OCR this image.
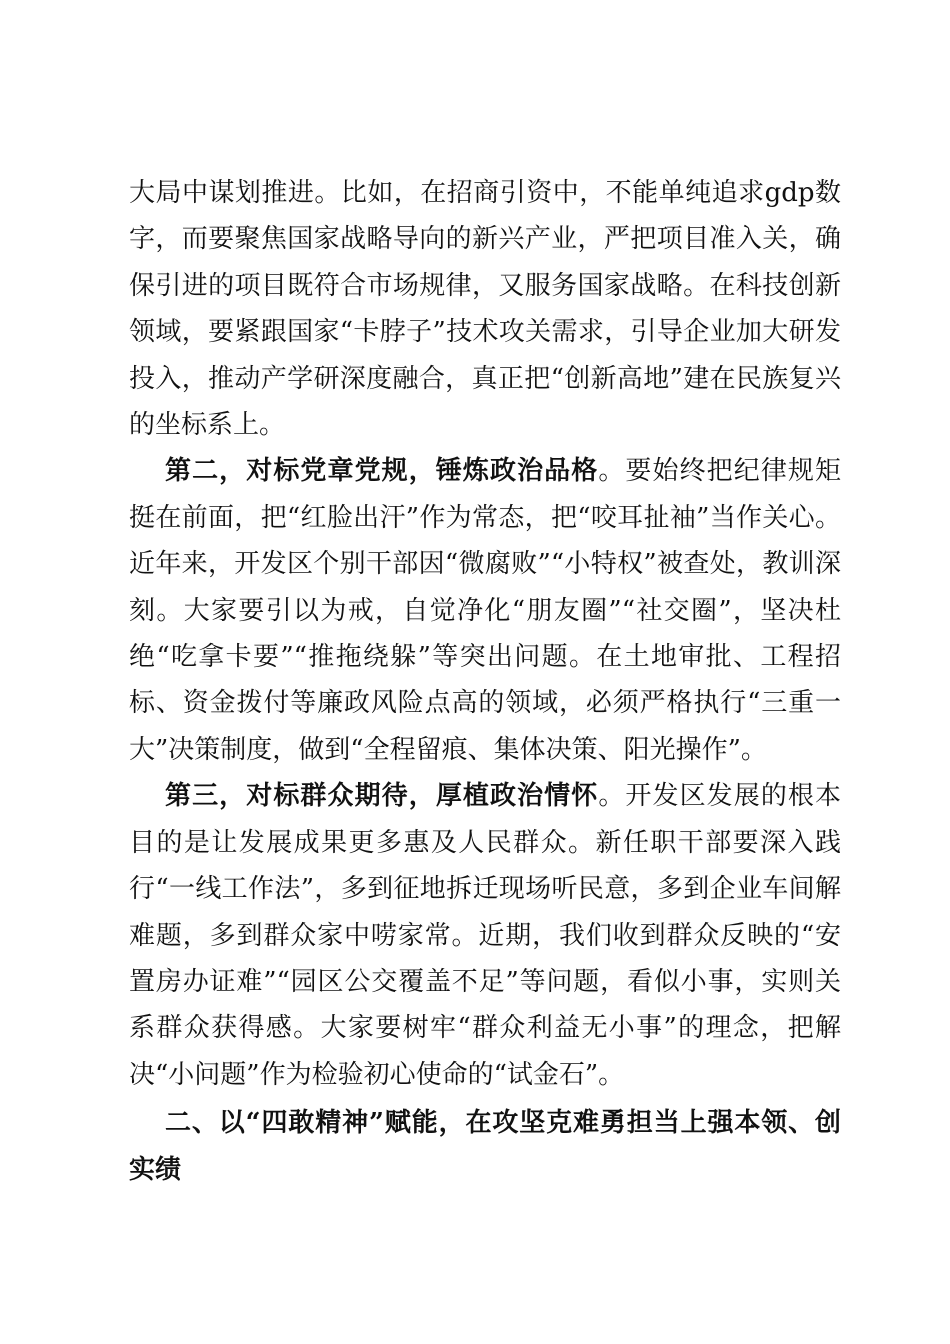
大局中谋划推进。比如，在招商引资中，不能单纯追求gdp数字，而要聚焦国家战略导向的新兴产业，严把项目准入关，确保引进的项目既符合市场规律，又服务国家战略。在科技创新领域，要紧跟国家“卡脖子”技术攻关需求，引导企业加大研发投入，推动产学研深度融合，真正把“创新高地”建在民族复兴的坐标系上。

第二，对标党章党规，锤炼政治品格。要始终把纪律规矩挺在前面，把“红脸出汗”作为常态，把“咬耳扯袖”当作关心。近年来，开发区个别干部因“微腐败”“小特权”被查处，教训深刻。大家要引以为戒，自觉净化“朋友圈”“社交圈”，坚决杜绝“吃拿卡要”“推拖绕躲”等突出问题。在土地审批、工程招标、资金拨付等廉政风险点高的领域，必须严格执行“三重一大”决策制度，做到“全程留痕、集体决策、阳光操作”。

第三，对标群众期待，厚植政治情怀。开发区发展的根本目的是让发展成果更多惠及人民群众。新任职干部要深入践行“一线工作法”，多到征地拆迁现场听民意，多到企业车间解难题，多到群众家中唠家常。近期，我们收到群众反映的“安置房办证难”“园区公交覆盖不足”等问题，看似小事，实则关系群众获得感。大家要树牢“群众利益无小事”的理念，把解决“小问题”作为检验初心使命的“试金石”。

二、以“四敢精神”赋能，在攻坚克难勇担当上强本领、创实绩
